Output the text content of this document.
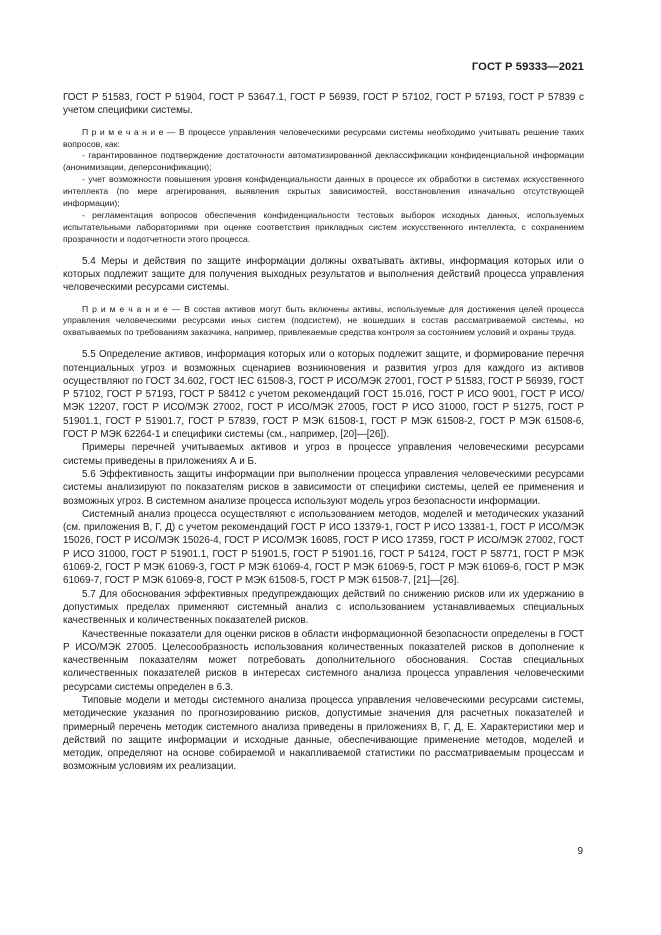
ГОСТ Р 59333—2021

ГОСТ Р 51583, ГОСТ Р 51904, ГОСТ Р 53647.1, ГОСТ Р 56939, ГОСТ Р 57102, ГОСТ Р 57193, ГОСТ Р 57839 с учетом специфики системы.

П р и м е ч а н и е — В процессе управления человеческими ресурсами системы необходимо учитывать решение таких вопросов, как:

- гарантированное подтверждение достаточности автоматизированной деклассификации конфиденциальной информации (анонимизации, деперсонификации);

- учет возможности повышения уровня конфиденциальности данных в процессе их обработки в системах искусственного интеллекта (по мере агрегирования, выявления скрытых зависимостей, восстановления изначально отсутствующей информации);

- регламентация вопросов обеспечения конфиденциальности тестовых выборок исходных данных, используемых испытательными лабораториями при оценке соответствия прикладных систем искусственного интеллекта, с сохранением прозрачности и подотчетности этого процесса.

5.4 Меры и действия по защите информации должны охватывать активы, информация которых или о которых подлежит защите для получения выходных результатов и выполнения действий процесса управления человеческими ресурсами системы.

П р и м е ч а н и е — В состав активов могут быть включены активы, используемые для достижения целей процесса управления человеческими ресурсами иных систем (подсистем), не вошедших в состав рассматриваемой системы, но охватываемых по требованиям заказчика, например, привлекаемые средства контроля за состоянием условий и охраны труда.

5.5 Определение активов, информация которых или о которых подлежит защите, и формирование перечня потенциальных угроз и возможных сценариев возникновения и развития угроз для каждого из активов осуществляют по ГОСТ 34.602, ГОСТ IEC 61508-3, ГОСТ Р ИСО/МЭК 27001, ГОСТ Р 51583, ГОСТ Р 56939, ГОСТ Р 57102, ГОСТ Р 57193, ГОСТ Р 58412 с учетом рекомендаций ГОСТ 15.016, ГОСТ Р ИСО 9001, ГОСТ Р ИСО/МЭК 12207, ГОСТ Р ИСО/МЭК 27002, ГОСТ Р ИСО/МЭК 27005, ГОСТ Р ИСО 31000, ГОСТ Р 51275, ГОСТ Р 51901.1, ГОСТ Р 51901.7, ГОСТ Р 57839, ГОСТ Р МЭК 61508-1, ГОСТ Р МЭК 61508-2, ГОСТ Р МЭК 61508-6, ГОСТ Р МЭК 62264-1 и специфики системы (см., например, [20]—[26]).

Примеры перечней учитываемых активов и угроз в процессе управления человеческими ресурсами системы приведены в приложениях А и Б.

5.6 Эффективность защиты информации при выполнении процесса управления человеческими ресурсами системы анализируют по показателям рисков в зависимости от специфики системы, целей ее применения и возможных угроз. В системном анализе процесса используют модель угроз безопасности информации.

Системный анализ процесса осуществляют с использованием методов, моделей и методических указаний (см. приложения В, Г, Д) с учетом рекомендаций ГОСТ Р ИСО 13379-1, ГОСТ Р ИСО 13381-1, ГОСТ Р ИСО/МЭК 15026, ГОСТ Р ИСО/МЭК 15026-4, ГОСТ Р ИСО/МЭК 16085, ГОСТ Р ИСО 17359, ГОСТ Р ИСО/МЭК 27002, ГОСТ Р ИСО 31000, ГОСТ Р 51901.1, ГОСТ Р 51901.5, ГОСТ Р 51901.16, ГОСТ Р 54124, ГОСТ Р 58771, ГОСТ Р МЭК 61069-2, ГОСТ Р МЭК 61069-3, ГОСТ Р МЭК 61069-4, ГОСТ Р МЭК 61069-5, ГОСТ Р МЭК 61069-6, ГОСТ Р МЭК 61069-7, ГОСТ Р МЭК 61069-8, ГОСТ Р МЭК 61508-5, ГОСТ Р МЭК 61508-7, [21]—[26].

5.7 Для обоснования эффективных предупреждающих действий по снижению рисков или их удержанию в допустимых пределах применяют системный анализ с использованием устанавливаемых специальных качественных и количественных показателей рисков.

Качественные показатели для оценки рисков в области информационной безопасности определены в ГОСТ Р ИСО/МЭК 27005. Целесообразность использования количественных показателей рисков в дополнение к качественным показателям может потребовать дополнительного обоснования. Состав специальных количественных показателей рисков в интересах системного анализа процесса управления человеческими ресурсами системы определен в 6.3.

Типовые модели и методы системного анализа процесса управления человеческими ресурсами системы, методические указания по прогнозированию рисков, допустимые значения для расчетных показателей и примерный перечень методик системного анализа приведены в приложениях В, Г, Д, Е. Характеристики мер и действий по защите информации и исходные данные, обеспечивающие применение методов, моделей и методик, определяют на основе собираемой и накапливаемой статистики по рассматриваемым процессам и возможным условиям их реализации.

9
